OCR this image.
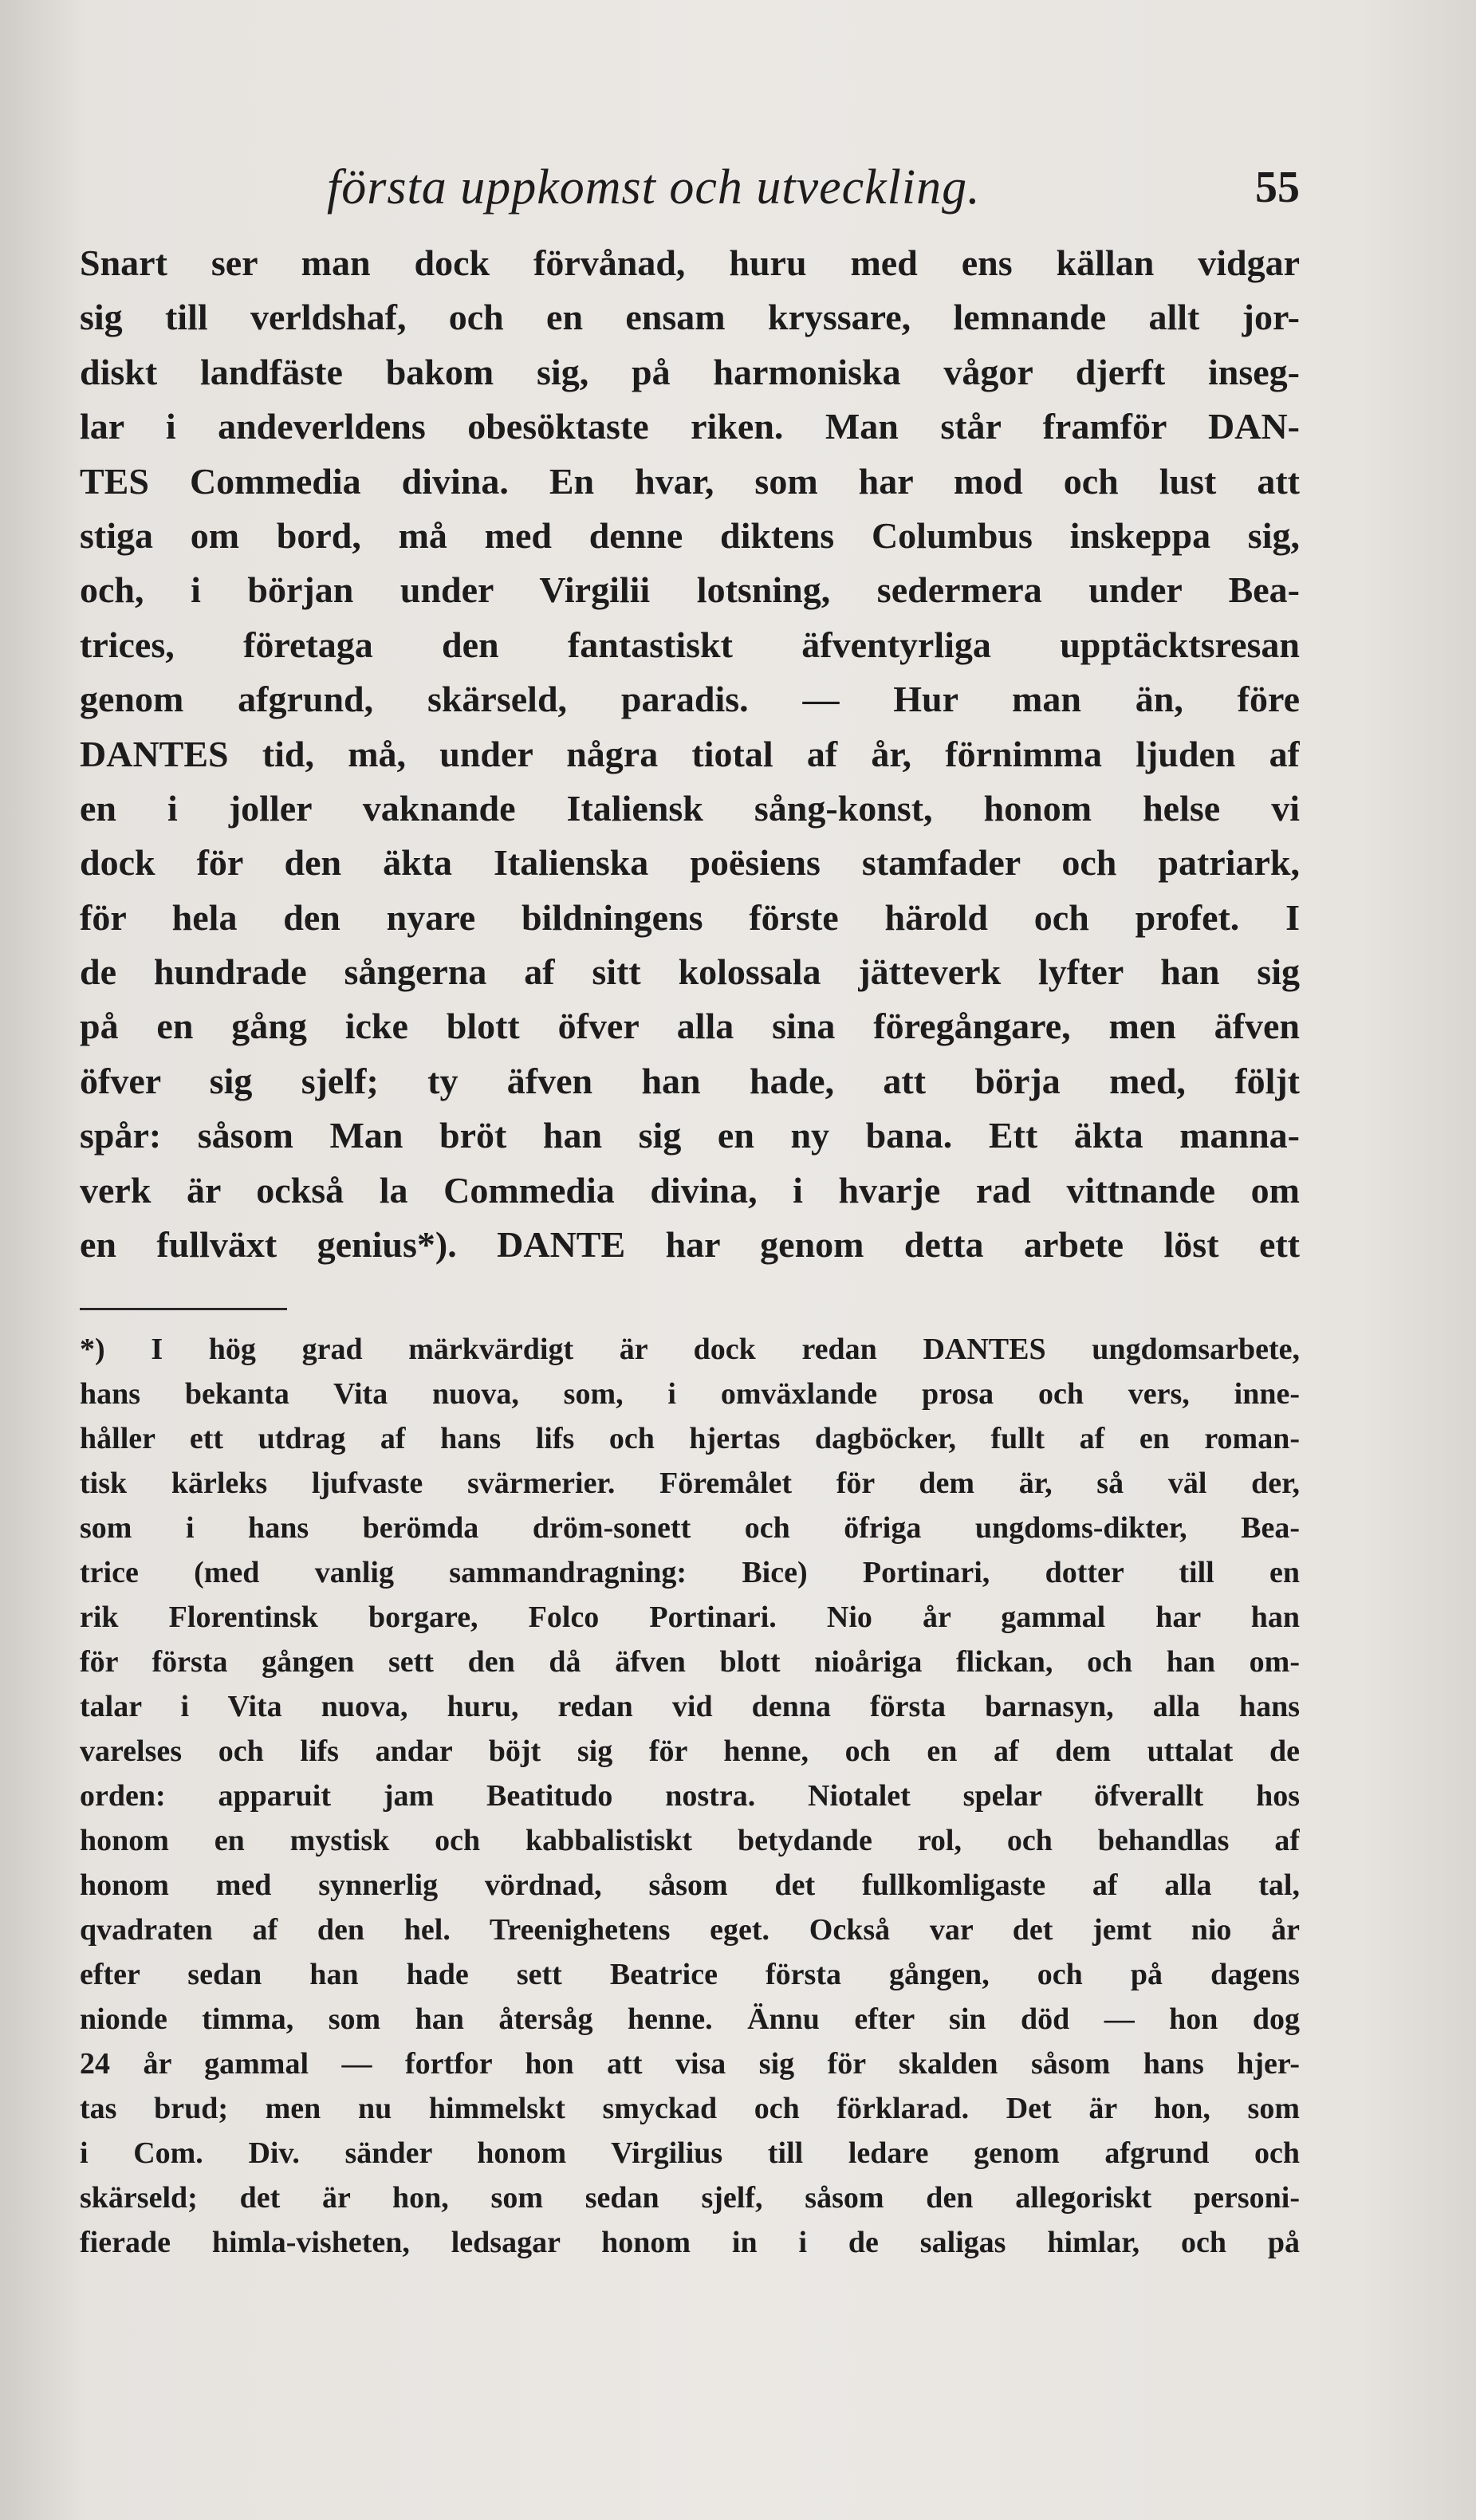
första uppkomst och utveckling.	55
Snart ser man dock förvånad, huru med ens källan vidgar
sig till verldshaf, och en ensam kryssare, lemnande allt jor-
diskt landfäste bakom sig, på harmoniska vågor djerft inseg-
lar i andeverldens obesöktaste riken. Man står framför DAN-
TES Commedia divina. En hvar, som har mod och lust att
stiga om bord, må med denne diktens Columbus inskeppa sig,
och, i början under Virgilii lotsning, sedermera under Bea-
trices, företaga den fantastiskt äfventyrliga upptäcktsresan
genom afgrund, skärseld, paradis. — Hur man än, före
DANTES tid, må, under några tiotal af år, förnimma ljuden af
en i joller vaknande Italiensk sång-konst, honom helse vi
dock för den äkta Italienska poësiens stamfader och patriark,
för hela den nyare bildningens förste härold och profet. I
de hundrade sångerna af sitt kolossala jätteverk lyfter han sig
på en gång icke blott öfver alla sina föregångare, men äfven
öfver sig sjelf; ty äfven han hade, att börja med, följt
spår: såsom Man bröt han sig en ny bana. Ett äkta manna-
verk är också la Commedia divina, i hvarje rad vittnande om
en fullväxt genius*). DANTE har genom detta arbete löst ett
*) I hög grad märkvärdigt är dock redan DANTES ungdomsarbete,
hans bekanta Vita nuova, som, i omväxlande prosa och vers, inne-
håller ett utdrag af hans lifs och hjertas dagböcker, fullt af en roman-
tisk kärleks ljufvaste svärmerier. Föremålet för dem är, så väl der,
som i hans berömda dröm-sonett och öfriga ungdoms-dikter, Bea-
trice (med vanlig sammandragning: Bice) Portinari, dotter till en
rik Florentinsk borgare, Folco Portinari. Nio år gammal har han
för första gången sett den då äfven blott nioåriga flickan, och han om-
talar i Vita nuova, huru, redan vid denna första barnasyn, alla hans
varelses och lifs andar böjt sig för henne, och en af dem uttalat de
orden: apparuit jam Beatitudo nostra. Niotalet spelar öfverallt hos
honom en mystisk och kabbalistiskt betydande rol, och behandlas af
honom med synnerlig vördnad, såsom det fullkomligaste af alla tal,
qvadraten af den hel. Treenighetens eget. Också var det jemt nio år
efter sedan han hade sett Beatrice första gången, och på dagens
nionde timma, som han återsåg henne. Ännu efter sin död — hon dog
24 år gammal — fortfor hon att visa sig för skalden såsom hans hjer-
tas brud; men nu himmelskt smyckad och förklarad. Det är hon, som
i Com. Div. sänder honom Virgilius till ledare genom afgrund och
skärseld; det är hon, som sedan sjelf, såsom den allegoriskt personi-
fierade himla-visheten, ledsagar honom in i de saligas himlar, och på
